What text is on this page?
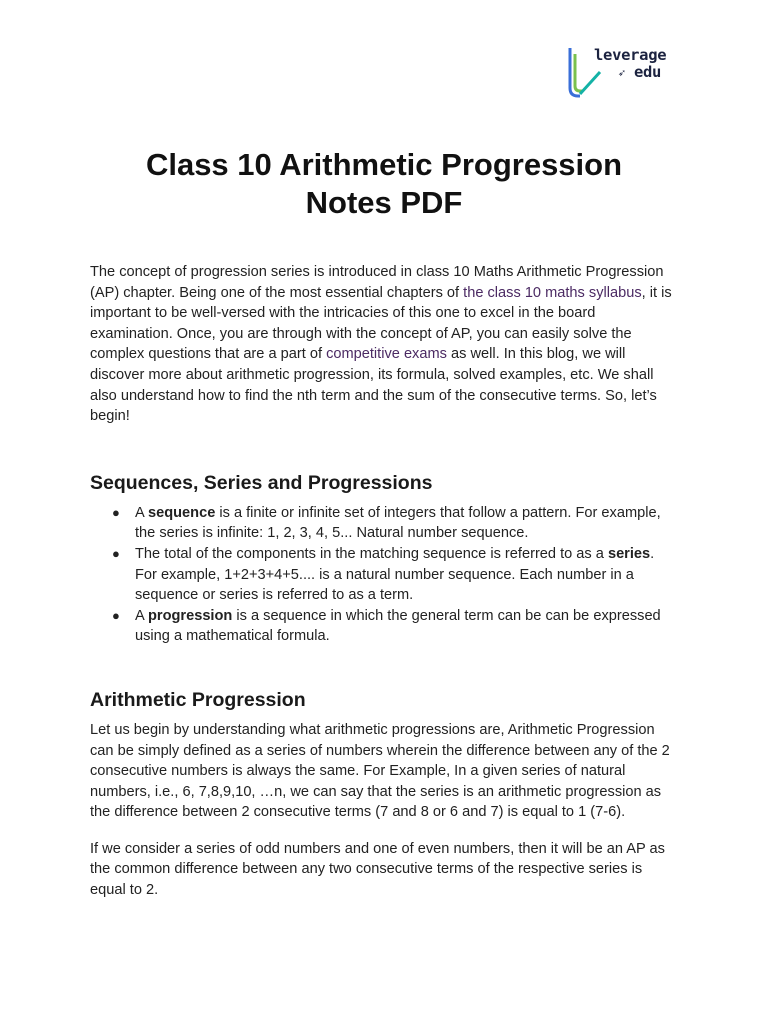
leverage
➶ edu
Class 10 Arithmetic Progression
Notes PDF

The concept of progression series is introduced in class 10 Maths Arithmetic Progression (AP) chapter. Being one of the most essential chapters of the class 10 maths syllabus, it is important to be well-versed with the intricacies of this one to excel in the board examination. Once, you are through with the concept of AP, you can easily solve the complex questions that are a part of competitive exams as well. In this blog, we will discover more about arithmetic progression, its formula, solved examples, etc. We shall also understand how to find the nth term and the sum of the consecutive terms. So, let’s begin!

Sequences, Series and Progressions
● A sequence is a finite or infinite set of integers that follow a pattern. For example, the series is infinite: 1, 2, 3, 4, 5... Natural number sequence.
● The total of the components in the matching sequence is referred to as a series. For example, 1+2+3+4+5.... is a natural number sequence. Each number in a sequence or series is referred to as a term.
● A progression is a sequence in which the general term can be can be expressed using a mathematical formula.
Arithmetic Progression

Let us begin by understanding what arithmetic progressions are, Arithmetic Progression can be simply defined as a series of numbers wherein the difference between any of the 2 consecutive numbers is always the same. For Example, In a given series of natural numbers, i.e., 6, 7,8,9,10, …n, we can say that the series is an arithmetic progression as the difference between 2 consecutive terms (7 and 8 or 6 and 7) is equal to 1 (7-6).

If we consider a series of odd numbers and one of even numbers, then it will be an AP as the common difference between any two consecutive terms of the respective series is equal to 2.
